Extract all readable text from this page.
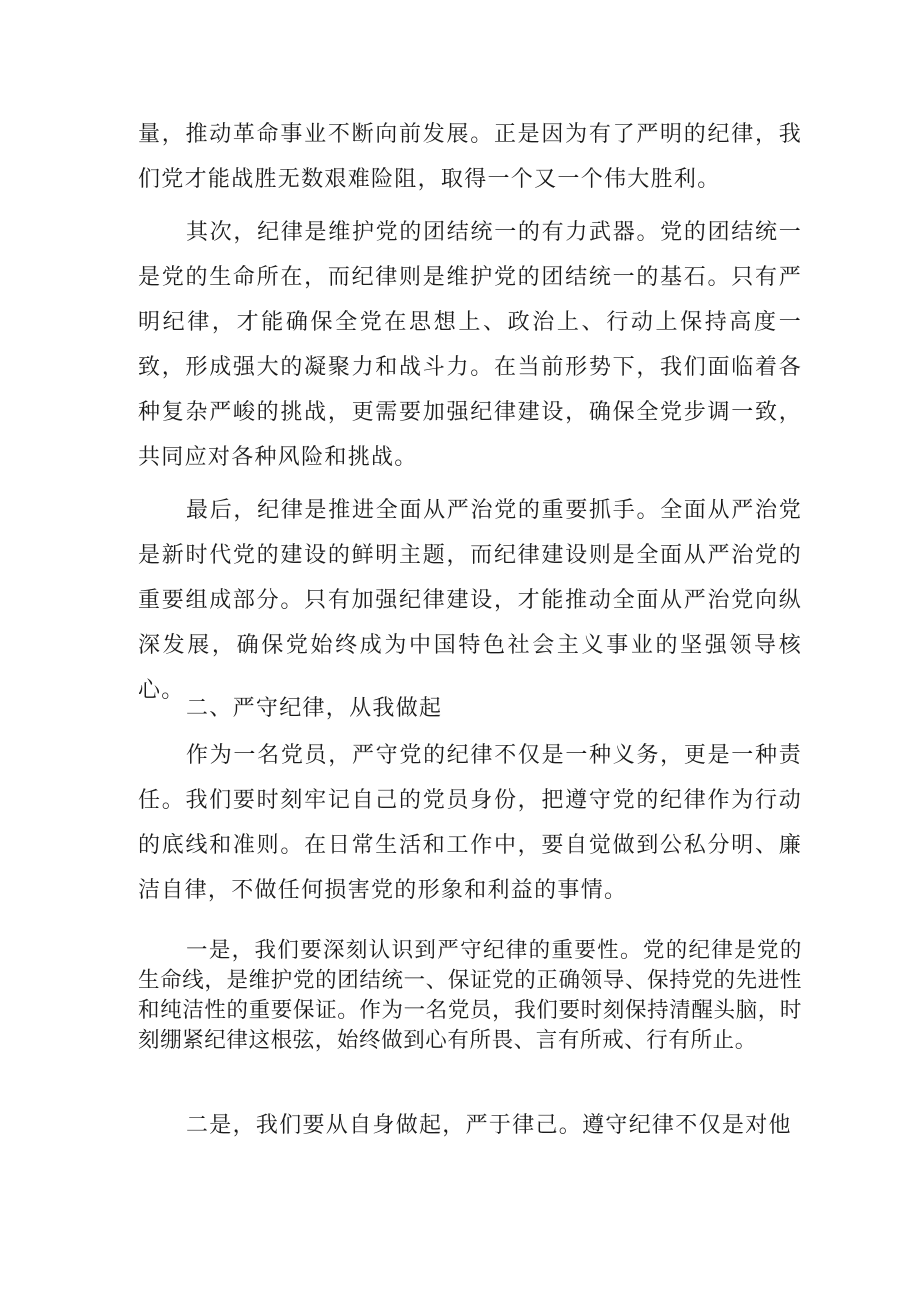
量，推动革命事业不断向前发展。正是因为有了严明的纪律，我们党才能战胜无数艰难险阻，取得一个又一个伟大胜利。

其次，纪律是维护党的团结统一的有力武器。党的团结统一是党的生命所在，而纪律则是维护党的团结统一的基石。只有严明纪律，才能确保全党在思想上、政治上、行动上保持高度一致，形成强大的凝聚力和战斗力。在当前形势下，我们面临着各种复杂严峻的挑战，更需要加强纪律建设，确保全党步调一致，共同应对各种风险和挑战。

最后，纪律是推进全面从严治党的重要抓手。全面从严治党是新时代党的建设的鲜明主题，而纪律建设则是全面从严治党的重要组成部分。只有加强纪律建设，才能推动全面从严治党向纵深发展，确保党始终成为中国特色社会主义事业的坚强领导核心。

二、严守纪律，从我做起

作为一名党员，严守党的纪律不仅是一种义务，更是一种责任。我们要时刻牢记自己的党员身份，把遵守党的纪律作为行动的底线和准则。在日常生活和工作中，要自觉做到公私分明、廉洁自律，不做任何损害党的形象和利益的事情。

一是，我们要深刻认识到严守纪律的重要性。党的纪律是党的生命线，是维护党的团结统一、保证党的正确领导、保持党的先进性和纯洁性的重要保证。作为一名党员，我们要时刻保持清醒头脑，时刻绷紧纪律这根弦，始终做到心有所畏、言有所戒、行有所止。

二是，我们要从自身做起，严于律己。遵守纪律不仅是对他
